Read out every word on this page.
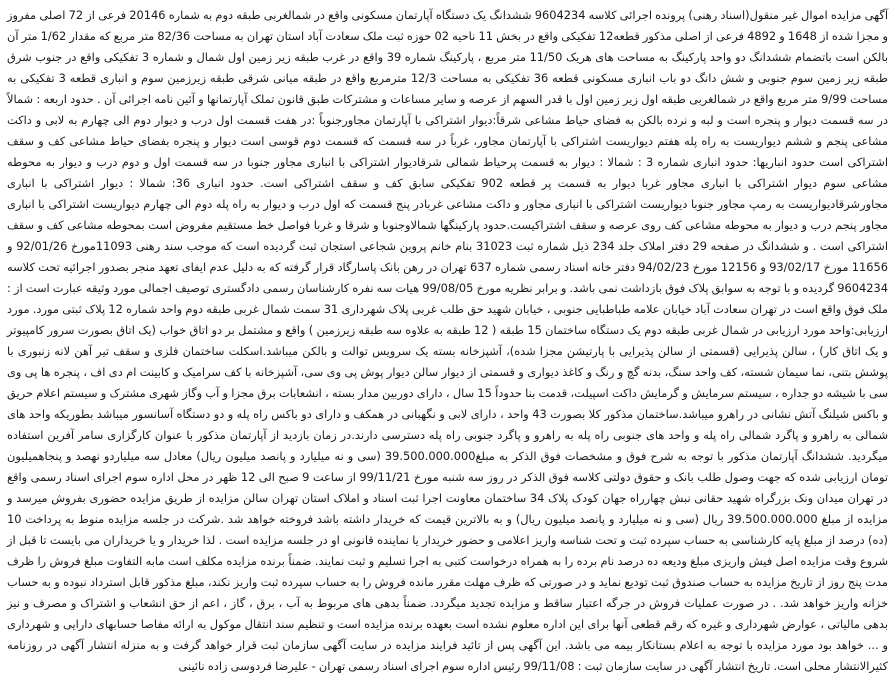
آگهی مزایده اموال غیر منقول(اسناد رهنی) پرونده اجرائی کلاسه 9604234 ششدانگ یک دستگاه آپارتمان مسکونی واقع در شمالغربی طبقه دوم به شماره 20146 فرعی از 72 اصلی مفروز و مجزا شده از 1648 و 4892 فرعی از اصلی مذکور قطعه12 تفکیکی واقع در بخش 11 ناحیه 02 حوزه ثبت ملک سعادت آباد استان تهران به مساحت 82/36 متر مربع که مقدار 1/62 متر آن بالکن است باتضمام ششدانگ دو واحد پارکینگ به مساحت های هریک 11/50 متر مربع ، پارکینگ شماره 39 واقع در غرب طبقه زیر زمین اول شمال و شماره 3 تفکیکی واقع در جنوب شرق طبقه زیر زمین سوم جنوبی و شش دانگ دو باب انباری مسکونی قطعه 36 تفکیکی به مساحت 12/3 مترمربع واقع در طبقه میانی شرقی طبقه زیرزمین سوم و انباری قطعه 3 تفکیکی به مساحت 9/99 متر مربع واقع در شمالغربی طبقه اول زیر زمین اول با قدر السهم از عرصه و سایر مساعات و مشترکات طبق قانون تملک آپارتمانها و آئین نامه اجرائی آن . حدود اربعه : شمالاً در سه قسمت دیوار و پنجره است و لبه و نرده بالکن به فضای حیاط مشاعی شرقاً:دیوار اشتراکی با آپارتمان مجاورجنوباً :در هفت قسمت اول درب و دیوار دوم الی چهارم به لابی و داکت مشاعی پنجم و ششم دیواریست به راه پله هفتم دیواریست اشتراکی با آپارتمان مجاور، غرباً در سه قسمت که قسمت دوم قوسی است دیوار و پنجره بفضای حیاط مشاعی کف و سقف اشتراکی است حدود انباریها: حدود انباری شماره 3 : شمالا : دیوار به قسمت پرحیاط شمالی شرقادیوار اشتراکی با انباری مجاور جنوبا در سه قسمت اول و دوم درب و دیوار به محوطه مشاعی سوم دیوار اشتراکی با انباری مجاور غربا دیوار به قسمت پر قطعه 902 تفکیکی سابق کف و سقف اشتراکی است. حدود انباری 36: شمالا : دیوار اشتراکی با انباری مجاورشرقادیواریست به رمپ مجاور جنوبا دیواریست اشتراکی با انباری مجاور و داکت مشاعی غربادر پنج قسمت که اول درب و دیوار به راه پله دوم الی چهارم دیواریست اشتراکی با انباری مجاور پنجم درب و دیوار به محوطه مشاعی کف روی عرصه و سقف اشتراکیست.حدود پارکینگها شمالاوجنوبا و شرقا و غربا فواصل خط مستقیم مفروض است بمحوطه مشاعی کف و سقف اشتراکی است . و ششدانگ در صفحه 29 دفتر املاک جلد 234 ذیل شماره ثبت 31023 بنام خانم پروین شجاعی استجان ثبت گردیده است که موجب سند رهنی 11093مورخ 92/01/26 و 11656 مورخ 93/02/17 و 12156 مورخ 94/02/23 دفتر خانه اسناد رسمی شماره 637 تهران در رهن بانک پاسارگاد قرار گرفته که به دلیل عدم ایفای تعهد منجر بصدور اجرائیه تحت کلاسه 9604234 گردیده و با توجه به سوابق پلاک فوق بازداشت نمی باشد. و برابر نظریه مورخ 99/08/05 هیات سه نفره کارشناسان رسمی دادگستری توصیف اجمالی مورد وثیقه عبارت است از : ملک فوق واقع است در تهران سعادت آباد خیابان علامه طباطبایی جنوبی ، خیابان شهید حق طلب غربی پلاک شهرداری 31 سمت شمال غربی طبقه دوم واحد شماره 12 پلاک ثبتی مورد. مورد ارزیابی:واحد مورد ارزیابی در شمال غربی طبقه دوم یک دستگاه ساختمان 15 طبقه ( 12 طبقه به علاوه سه طبقه زیرزمین ) واقع و مشتمل بر دو اتاق خواب (یک اتاق بصورت سرور کامپیوتر و یک اتاق کار) ، سالن پذیرایی (قسمتی از سالن پذیرایی با پارتیشن مجزا شده)، آشپزخانه بسته یک سرویس توالت و بالکن میباشد.اسکلت ساختمان فلزی و سقف تیر آهن لانه زنبوری با پوشش بتنی، نما سیمان شسته، کف واحد سنگ، بدنه گچ و رنگ و کاغذ دیواری و قسمتی از دیوار سالن دیوار پوش پی وی سی، آشپزخانه با کف سرامیک و کابینت ام دی اف ، پنجره ها پی وی سی با شیشه دو جداره ، سیستم سرمایش و گرمایش داکت اسپیلت، قدمت بنا حدوداً 15 سال ، دارای دوربین مدار بسته ، انشعابات برق مجزا و آب وگاز شهری مشترک و سیستم اعلام حریق و باکس شیلنگ آتش نشانی در راهرو میباشد.ساختمان مذکور کلا بصورت 43 واحد ، دارای لابی و نگهبانی در همکف و دارای دو باکس راه پله و دو دستگاه آسانسور میباشد بطوریکه واحد های شمالی به راهرو و پاگرد شمالی راه پله و واحد های جنوبی راه پله به راهرو و پاگرد جنوبی راه پله دسترسی دارند.در زمان بازدید از آپارتمان مذکور با عنوان کارگزاری سامر آفرین استفاده میگردید. ششدانگ آپارتمان مذکور با توجه به شرح فوق و مشخصات فوق الذکر به مبلغ39.500.000.000 (سی و نه میلیارد و پانصد میلیون ریال) معادل سه میلیاردو نهصد و پنجاهمیلیون تومان ارزیابی شده که جهت وصول طلب بانک و حقوق دولتی کلاسه فوق الذکر در روز سه شنبه مورخ 99/11/21 از ساعت 9 صبح الی 12 ظهر در محل اداره سوم اجرای اسناد رسمی واقع در تهران میدان ونک بزرگراه شهید حقانی نبش چهارراه جهان کودک پلاک 34 ساختمان معاونت اجرا ثبت اسناد و املاک استان تهران سالن مزایده از طریق مزایده حضوری بفروش میرسد و مزایده از مبلغ 39.500.000.000 ریال (سی و نه میلیارد و پانصد میلیون ریال) و به بالاترین قیمت که خریدار داشته باشد فروخته خواهد شد .شرکت در جلسه مزایده منوط به پرداخت 10 (ده) درصد از مبلغ پایه کارشناسی به حساب سپرده ثبت و تحت شناسه واریز اعلامی و حضور خریدار یا نماینده قانونی او در جلسه مزایده است . لذا خریدار و یا خریداران می بایست تا قبل از شروع وقت مزایده اصل فیش واریزی مبلغ ودیعه ده درصد نام برده را به همراه درخواست کتبی به اجرا تسلیم و ثبت نمایند. ضمناً برنده مزایده مکلف است مابه التفاوت مبلغ فروش را ظرف مدت پنج روز از تاریخ مزایده به حساب صندوق ثبت تودیع نماید و در صورتی که ظرف مهلت مقرر مانده فروش را به حساب سپرده ثبت واریز نکند، مبلغ مذکور قابل استرداد نبوده و به حساب خزانه واریز خواهد شد. . در صورت عملیات فروش در جرگه اعتبار ساقط و مزایده تجدید میگردد. ضمناً بدهی های مربوط به آب ، برق ، گاز ، اعم از حق انشعاب و اشتراک و مصرف و نیز بدهی مالیاتی ، عوارض شهرداری و غیره که رقم قطعی آنها برای این اداره معلوم نشده است بعهده برنده مزایده است و تنظیم سند انتقال موکول به ارائه مفاصا حسابهای دارایی و شهرداری و ... خواهد بود مورد مزایده با توجه به اعلام بستانکار بیمه می باشد. این آگهی پس از تائید فرایند مزایده در سایت آگهی سازمان ثبت قرار خواهد گرفت و به منزله انتشار آگهی در روزنامه کثیرالانتشار محلی است. تاریخ انتشار آگهی در سایت سازمان ثبت : 99/11/08 رئیس اداره سوم اجرای اسناد رسمی تهران - علیرضا فردوسی زاده نائینی
